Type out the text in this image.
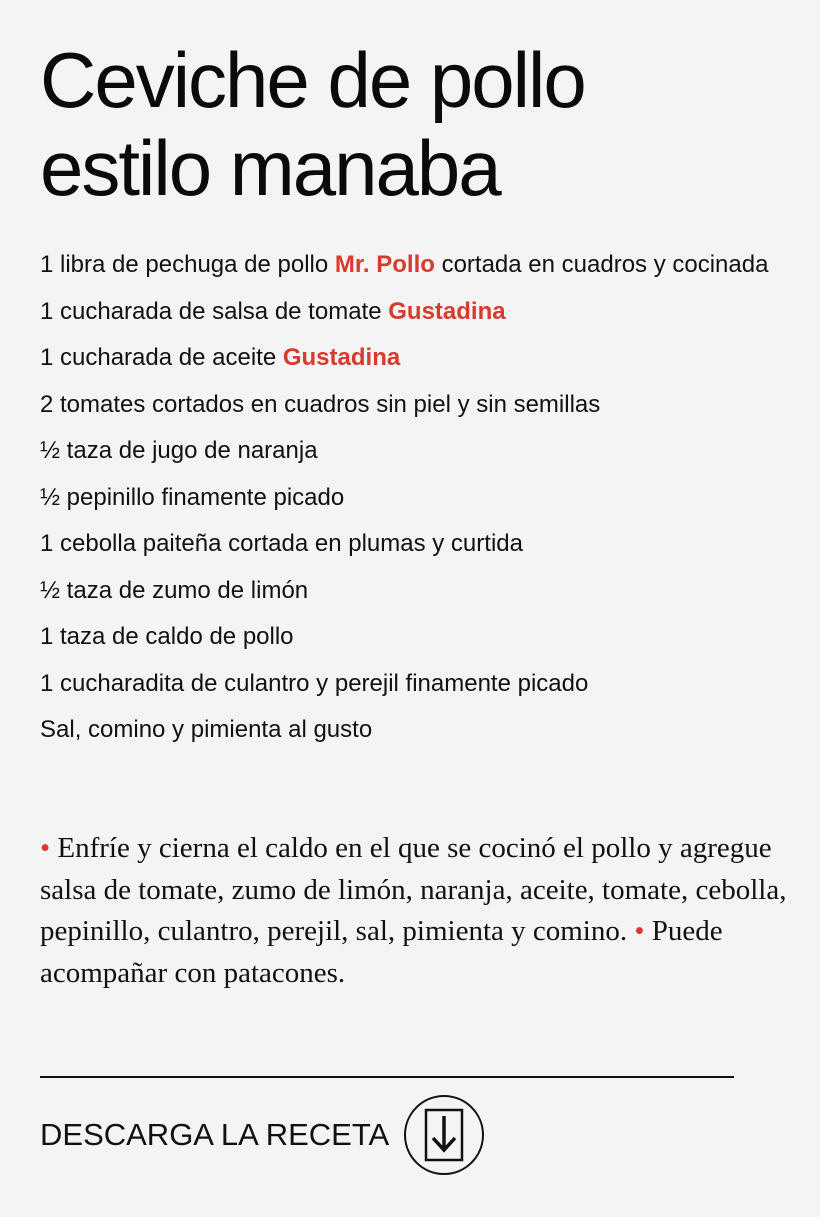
Ceviche de pollo
estilo manaba
1 libra de pechuga de pollo Mr. Pollo cortada en cuadros y cocinada
1 cucharada de salsa de tomate Gustadina
1 cucharada de aceite Gustadina
2 tomates cortados en cuadros sin piel y sin semillas
½ taza de jugo de naranja
½ pepinillo finamente picado
1 cebolla paiteña cortada en plumas y curtida
½ taza de zumo de limón
1 taza de caldo de pollo
1 cucharadita de culantro y perejil finamente picado
Sal, comino y pimienta al gusto

• Enfríe y cierna el caldo en el que se cocinó el pollo y agregue salsa de tomate, zumo de limón, naranja, aceite, tomate, cebolla, pepinillo, culantro, perejil, sal, pimienta y comino. • Puede acompañar con patacones.

DESCARGA LA RECETA
